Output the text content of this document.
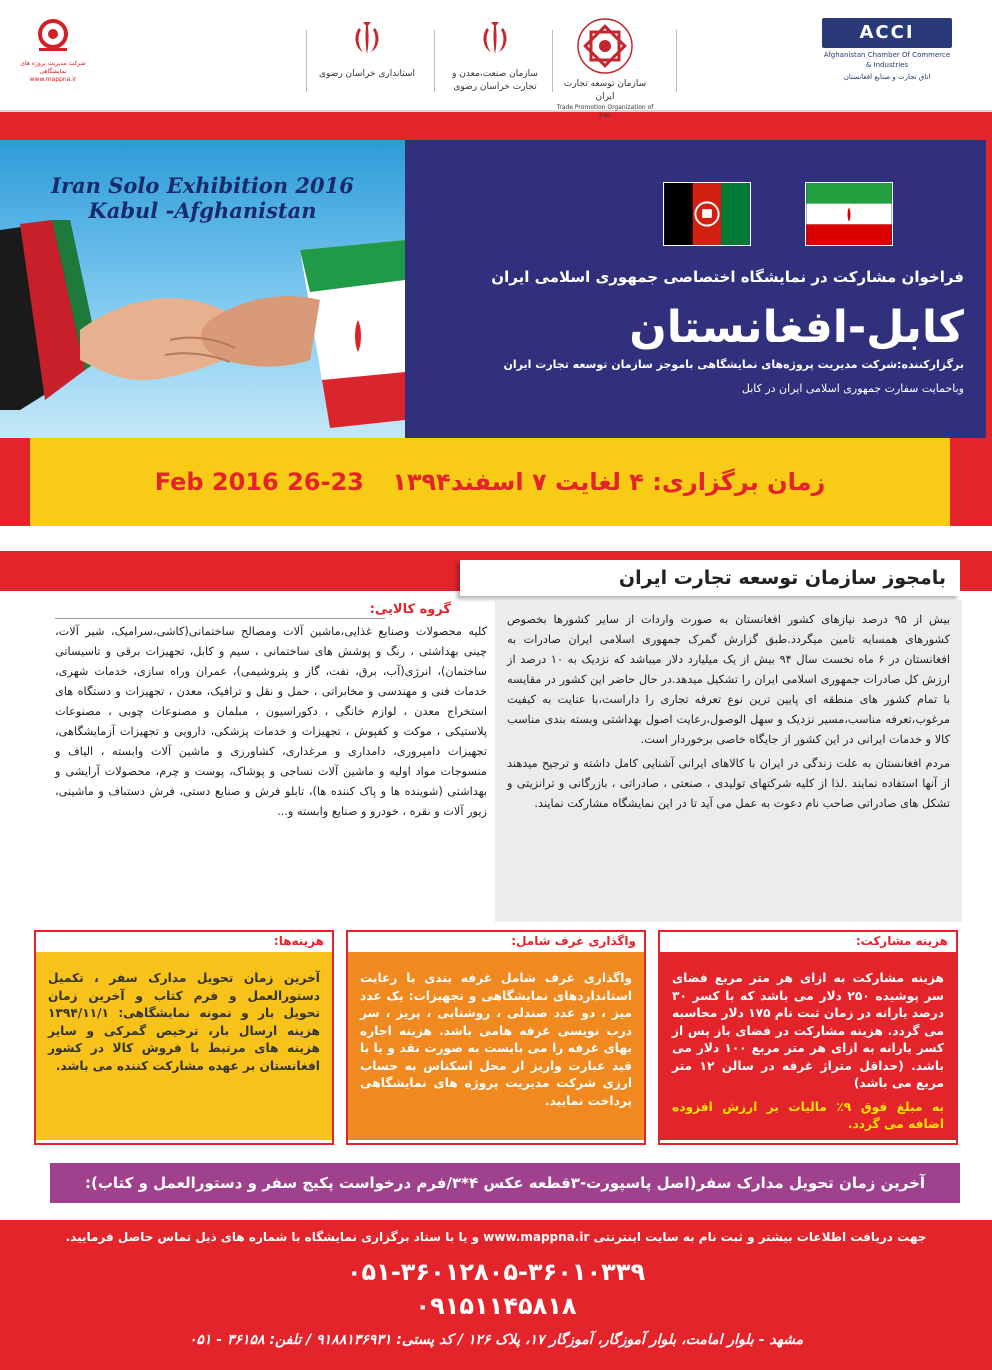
ACCI
Afghanistan Chamber Of Commerce & Industries
اتاق تجارت و صنایع افغانستان
سازمان توسعه تجارت ایران
Trade Promotion Organization of Iran
سازمان صنعت،معدن و تجارت خراسان رضوی
استانداری خراسان رضوی
شرکت مدیریت پروژه های نمایشگاهی
www.mappna.ir
Iran Solo Exhibition 2016
Kabul -Afghanistan
فراخوان مشارکت در نمایشگاه اختصاصی جمهوری اسلامی ایران
کابل-افغانستان
برگزارکننده:شرکت مدیریت پروژه‌های نمایشگاهی باموجز سازمان توسعه تجارت ایران
وباحمایت سفارت جمهوری اسلامی ایران در کابل
زمان برگزاری: ۴ لغایت ۷ اسفند۱۳۹۴ 23-26 Feb 2016
بامجوز سازمان توسعه تجارت ایران

بیش از ۹۵ درصد نیازهای کشور افغانستان به صورت واردات از سایر کشورها بخصوص کشورهای همسایه تامین میگردد.طبق گزارش گمرک جمهوری اسلامی ایران صادرات به افغانستان در ۶ ماه نخست سال ۹۴ بیش از یک میلیارد دلار میباشد که نزدیک به ۱۰ درصد از ارزش کل صادرات جمهوری اسلامی ایران را تشکیل میدهد.در حال حاضر این کشور در مقایسه با تمام کشور های منطقه ای پایین ترین نوع تعرفه تجاری را داراست،با عنایت به کیفیت مرغوب،تعرفه مناسب،مسیر نزدیک و سهل الوصول،رعایت اصول بهداشتی وبسته بندی مناسب کالا و خدمات ایرانی در این کشور از جایگاه خاصی برخوردار است.

مردم افغانستان به علت زندگی در ایران با کالاهای ایرانی آشنایی کامل داشته و ترجیح میدهند از آنها استفاده نمایند .لذا از کلیه شرکتهای تولیدی ، صنعتی ، صادراتی ، بازرگانی و ترانزیتی و تشکل های صادراتی صاحب نام دعوت به عمل می آید تا در این نمایشگاه مشارکت نمایند.

گروه کالایی:
کلیه محصولات وصنایع غذایی،ماشین آلات ومصالح ساختمانی(کاشی،سرامیک، شیر آلات، چینی بهداشتی ، رنگ و پوشش های ساختمانی ، سیم و کابل، تجهیزات برقی و تاسیساتی ساختمان)، انرژی(آب، برق، نفت، گاز و پتروشیمی)، عمران وراه سازی، خدمات شهری، خدمات فنی و مهندسی و مخابراتی ، حمل و نقل و ترافیک، معدن ، تجهیزات و دستگاه های استخراج معدن ، لوازم خانگی ، دکوراسیون ، مبلمان و مصنوعات چوبی ، مصنوعات پلاستیکی ، موکت و کفپوش ، تجهیزات و خدمات پزشکی، دارویی و تجهیزات آزمایشگاهی، تجهیزات دامپروری، دامداری و مرغداری، کشاورزی و ماشین آلات وابسته ، الیاف و منسوجات مواد اولیه و ماشین آلات نساجی و پوشاک، پوست و چرم، محصولات آرایشی و بهداشتی (شوینده ها و پاک کننده ها)، تابلو فرش و صنایع دستی، فرش دستباف و ماشینی، زیور آلات و نقره ، خودرو و صنایع وابسته و...
هزینه مشارکت:
هزینه مشارکت به ازای هر متر مربع فضای سر پوشیده ۲۵۰ دلار می باشد که با کسر ۳۰ درصد یارانه در زمان ثبت نام ۱۷۵ دلار محاسبه می گردد. هزینه مشارکت در فضای باز پس از کسر یارانه به ازای هر متر مربع ۱۰۰ دلار می باشد. (حداقل متراژ غرفه در سالن ۱۲ متر مربع می باشد)
به مبلغ فوق ۹٪ مالیات بر ارزش افزوده اضافه می گردد.
واگذاری غرف شامل:
واگذاری غرف شامل غرفه بندی با رعایت استانداردهای نمایشگاهی و تجهیزات: یک عدد میز ، دو عدد صندلی ، روشنایی ، پریز ، سر درب نویسی غرفه هامی باشد. هزینه اجاره بهای غرفه را می بایست به صورت نقد و یا با قید عبارت واریز از محل اسکناس به حساب ارزی شرکت مدیریت پروژه های نمایشگاهی پرداخت نمایید.
هزینه‌ها:
آخرین زمان تحویل مدارک سفر ، تکمیل دستورالعمل و فرم کتاب و آخرین زمان تحویل بار و نمونه نمایشگاهی: ۱۳۹۴/۱۱/۱ هزینه ارسال بار، ترخیص گمرکی و سایر هزینه های مرتبط با فروش کالا در کشور افغانستان بر عهده مشارکت کننده می باشد.
آخرین زمان تحویل مدارک سفر(اصل پاسپورت-۳قطعه عکس ۴*۳/فرم درخواست پکیج سفر و دستورالعمل و کتاب):
جهت دریافت اطلاعات بیشتر و ثبت نام به سایت اینترنتی www.mappna.ir و یا با ستاد برگزاری نمایشگاه با شماره های ذیل تماس حاصل فرمایید.
۰۵۱-۳۶۰۱۲۸۰۵-۳۶۰۱۰۳۳۹
۰۹۱۵۱۱۴۵۸۱۸
مشهد - بلوار امامت، بلوار آموزگار، آموزگار ۱۷، پلاک ۱۲۶ / کد پستی: ۹۱۸۸۱۳۶۹۳۱ / تلفن: ۳۶۱۵۸ - ۰۵۱
